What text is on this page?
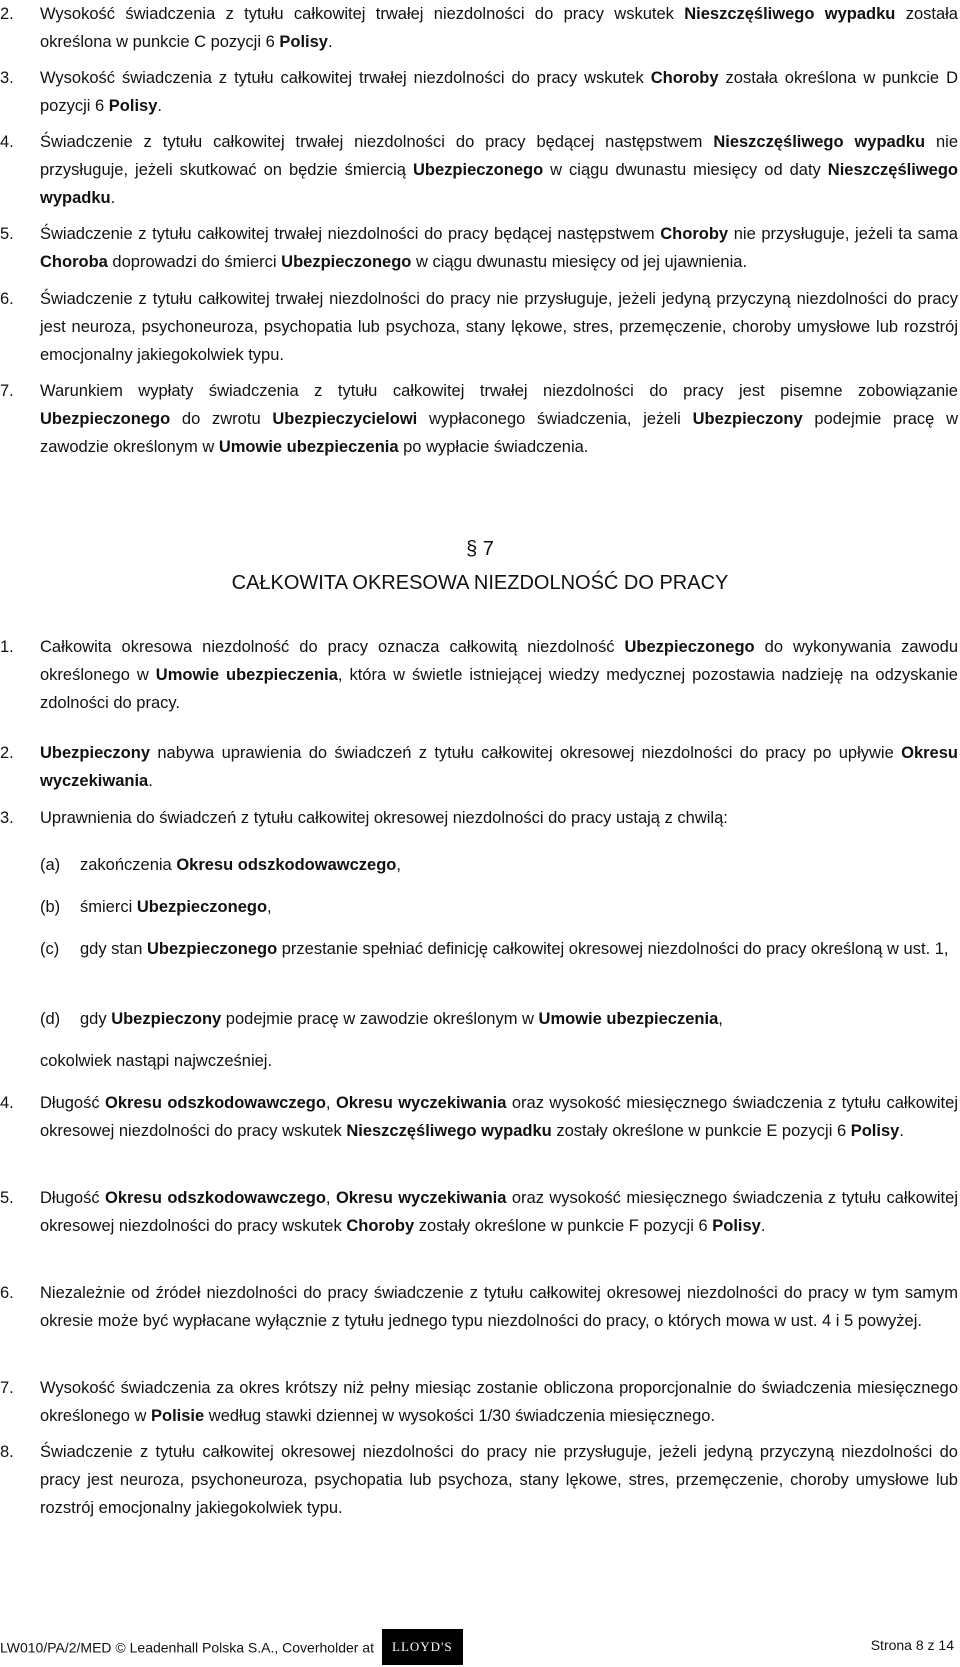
2.	Wysokość świadczenia z tytułu całkowitej trwałej niezdolności do pracy wskutek Nieszczęśliwego wypadku została określona w punkcie C pozycji 6 Polisy.
3.	Wysokość świadczenia z tytułu całkowitej trwałej niezdolności do pracy wskutek Choroby została określona w punkcie D pozycji 6 Polisy.
4.	Świadczenie z tytułu całkowitej trwałej niezdolności do pracy będącej następstwem Nieszczęśliwego wypadku nie przysługuje, jeżeli skutkować on będzie śmiercią Ubezpieczonego w ciągu dwunastu miesięcy od daty Nieszczęśliwego wypadku.
5.	Świadczenie z tytułu całkowitej trwałej niezdolności do pracy będącej następstwem Choroby nie przysługuje, jeżeli ta sama Choroba doprowadzi do śmierci Ubezpieczonego w ciągu dwunastu miesięcy od jej ujawnienia.
6.	Świadczenie z tytułu całkowitej trwałej niezdolności do pracy nie przysługuje, jeżeli jedyną przyczyną niezdolności do pracy jest neuroza, psychoneuroza, psychopatia lub psychoza, stany lękowe, stres, przemęczenie, choroby umysłowe lub rozstrój emocjonalny jakiegokolwiek typu.
7.	Warunkiem wypłaty świadczenia z tytułu całkowitej trwałej niezdolności do pracy jest pisemne zobowiązanie Ubezpieczonego do zwrotu Ubezpieczycielowi wypłaconego świadczenia, jeżeli Ubezpieczony podejmie pracę w zawodzie określonym w Umowie ubezpieczenia po wypłacie świadczenia.
§ 7
CAŁKOWITA OKRESOWA NIEZDOLNOŚĆ DO PRACY
1.	Całkowita okresowa niezdolność do pracy oznacza całkowitą niezdolność Ubezpieczonego do wykonywania zawodu określonego w Umowie ubezpieczenia, która w świetle istniejącej wiedzy medycznej pozostawia nadzieję na odzyskanie zdolności do pracy.
2.	Ubezpieczony nabywa uprawienia do świadczeń z tytułu całkowitej okresowej niezdolności do pracy po upływie Okresu wyczekiwania.
3.	Uprawnienia do świadczeń z tytułu całkowitej okresowej niezdolności do pracy ustają z chwilą:
(a) zakończenia Okresu odszkodowawczego,
(b) śmierci Ubezpieczonego,
(c) gdy stan Ubezpieczonego przestanie spełniać definicję całkowitej okresowej niezdolności do pracy określoną w ust. 1,
(d) gdy Ubezpieczony podejmie pracę w zawodzie określonym w Umowie ubezpieczenia,
cokolwiek nastąpi najwcześniej.
4.	Długość Okresu odszkodowawczego, Okresu wyczekiwania oraz wysokość miesięcznego świadczenia z tytułu całkowitej okresowej niezdolności do pracy wskutek Nieszczęśliwego wypadku zostały określone w punkcie E pozycji 6 Polisy.
5.	Długość Okresu odszkodowawczego, Okresu wyczekiwania oraz wysokość miesięcznego świadczenia z tytułu całkowitej okresowej niezdolności do pracy wskutek Choroby zostały określone w punkcie F pozycji 6 Polisy.
6.	Niezależnie od źródeł niezdolności do pracy świadczenie z tytułu całkowitej okresowej niezdolności do pracy w tym samym okresie może być wypłacane wyłącznie z tytułu jednego typu niezdolności do pracy, o których mowa w ust. 4 i 5 powyżej.
7.	Wysokość świadczenia za okres krótszy niż pełny miesiąc zostanie obliczona proporcjonalnie do świadczenia miesięcznego określonego w Polisie według stawki dziennej w wysokości 1/30 świadczenia miesięcznego.
8.	Świadczenie z tytułu całkowitej okresowej niezdolności do pracy nie przysługuje, jeżeli jedyną przyczyną niezdolności do pracy jest neuroza, psychoneuroza, psychopatia lub psychoza, stany lękowe, stres, przemęczenie, choroby umysłowe lub rozstrój emocjonalny jakiegokolwiek typu.
LW010/PA/2/MED © Leadenhall Polska S.A., Coverholder at LLOYD'S	Strona 8 z 14
